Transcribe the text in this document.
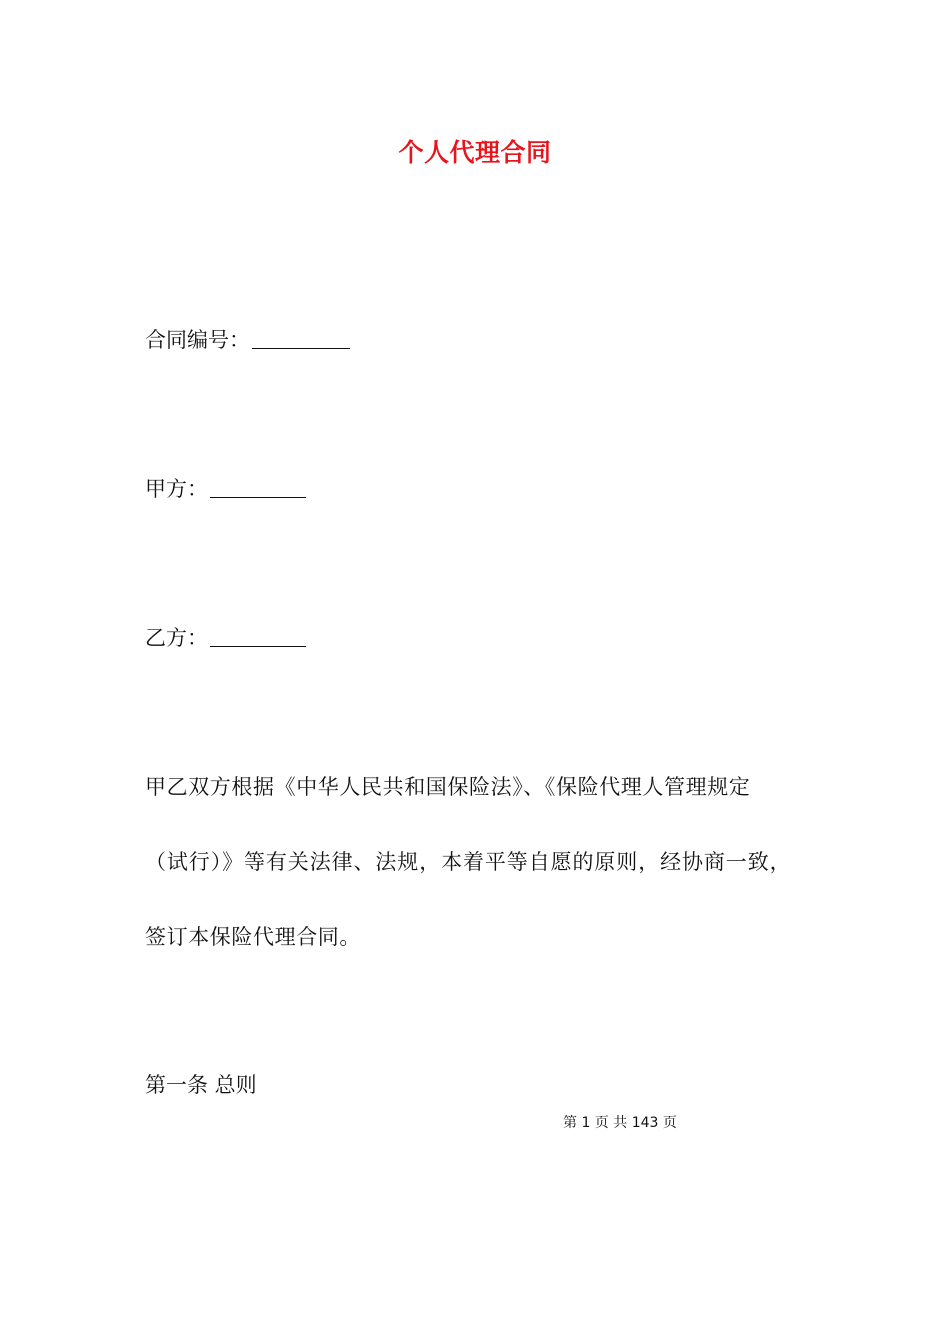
个人代理合同
合同编号：
甲方：
乙方：
甲乙双方根据《中华人民共和国保险法》、《保险代理人管理规定
（试行）》等有关法律、法规，本着平等自愿的原则，经协商一致，
签订本保险代理合同。
第一条 总则
第 1 页 共 143 页
